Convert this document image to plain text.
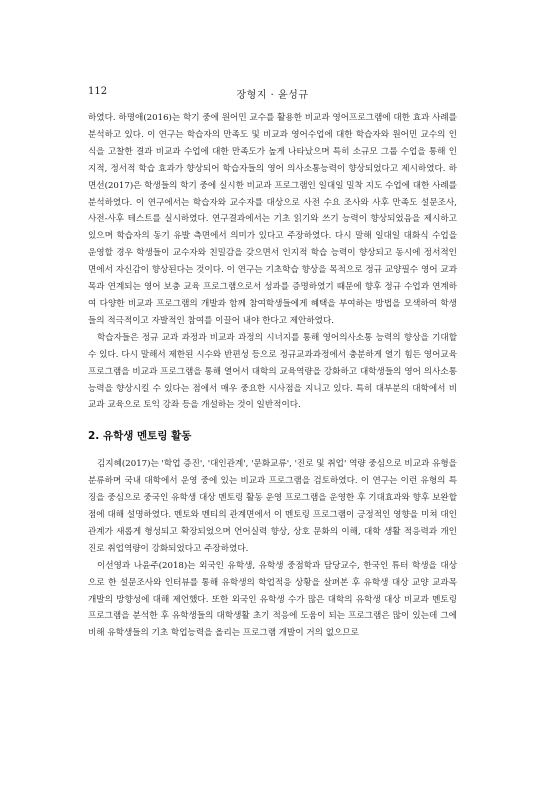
112	장형지 · 윤성규

하였다. 하명애(2016)는 학기 중에 원어민 교수를 활용한 비교과 영어프로그램에 대한 효과 사례를 분석하고 있다. 이 연구는 학습자의 만족도 및 비교과 영어수업에 대한 학습자와 원어민 교수의 인식을 고찰한 결과 비교과 수업에 대한 만족도가 높게 나타났으며 특히 소규모 그룹 수업을 통해 인지적, 정서적 학습 효과가 향상되어 학습자들의 영어 의사소통능력이 향상되었다고 제시하였다. 하면선(2017)은 학생들의 학기 중에 실시한 비교과 프로그램인 일대일 밀착 지도 수업에 대한 사례를 분석하였다. 이 연구에서는 학습자와 교수자를 대상으로 사전 수요 조사와 사후 만족도 설문조사, 사전-사후 테스트를 실시하였다. 연구결과에서는 기초 읽기와 쓰기 능력이 향상되었음을 제시하고 있으며 학습자의 동기 유발 측면에서 의미가 있다고 주장하였다. 다시 말해 일대일 대화식 수업을 운영할 경우 학생들이 교수자와 친밀감을 갖으면서 인지적 학습 능력이 향상되고 동시에 정서적인 면에서 자신감이 향상된다는 것이다. 이 연구는 기초학습 향상을 목적으로 정규 교양필수 영어 교과목과 연계되는 영어 보충 교육 프로그램으로서 성과를 증명하였기 때문에 향후 정규 수업과 연계하여 다양한 비교과 프로그램의 개발과 함께 참여학생들에게 혜택을 부여하는 방법을 모색하여 학생들의 적극적이고 자발적인 참여를 이끌어 내야 한다고 제안하였다.

학습자들은 정규 교과 과정과 비교과 과정의 시너지를 통해 영어의사소통 능력의 향상을 기대할 수 있다. 다시 말해서 제한된 시수와 반편성 등으로 정규교과과정에서 충분하게 열기 힘든 영어교육 프로그램을 비교과 프로그램을 통해 열어서 대학의 교육역량을 강화하고 대학생들의 영어 의사소통 능력을 향상시킬 수 있다는 점에서 매우 중요한 시사점을 지니고 있다. 특히 대부분의 대학에서 비교과 교육으로 토익 강좌 등을 개설하는 것이 일반적이다.

2. 유학생 멘토링 활동

김지혜(2017)는 '학업 증진', '대인관계', '문화교류', '진로 및 취업' 역량 중심으로 비교과 유형을 분류하며 국내 대학에서 운영 중에 있는 비교과 프로그램을 검토하였다. 이 연구는 이런 유형의 특징을 중심으로 중국인 유학생 대상 멘토링 활동 운영 프로그램을 운영한 후 기대효과와 향후 보완할 점에 대해 설명하였다. 멘토와 멘티의 관계면에서 이 멘토링 프로그램이 긍정적인 영향을 미쳐 대인관계가 새롭게 형성되고 확장되었으며 언어실력 향상, 상호 문화의 이해, 대학 생활 적응력과 개인 진로 취업역량이 강화되었다고 주장하였다.

이선영과 나윤주(2018)는 외국인 유학생, 유학생 중점학과 담당교수, 한국인 튜터 학생을 대상으로 한 설문조사와 인터뷰를 통해 유학생의 학업적응 상황을 살펴본 후 유학생 대상 교양 교과목 개발의 방향성에 대해 제언했다. 또한 외국인 유학생 수가 많은 대학의 유학생 대상 비교과 멘토링 프로그램을 분석한 후 유학생들의 대학생활 초기 적응에 도움이 되는 프로그램은 많이 있는데 그에 비해 유학생들의 기초 학업능력을 올리는 프로그램 개발이 거의 없으므로
